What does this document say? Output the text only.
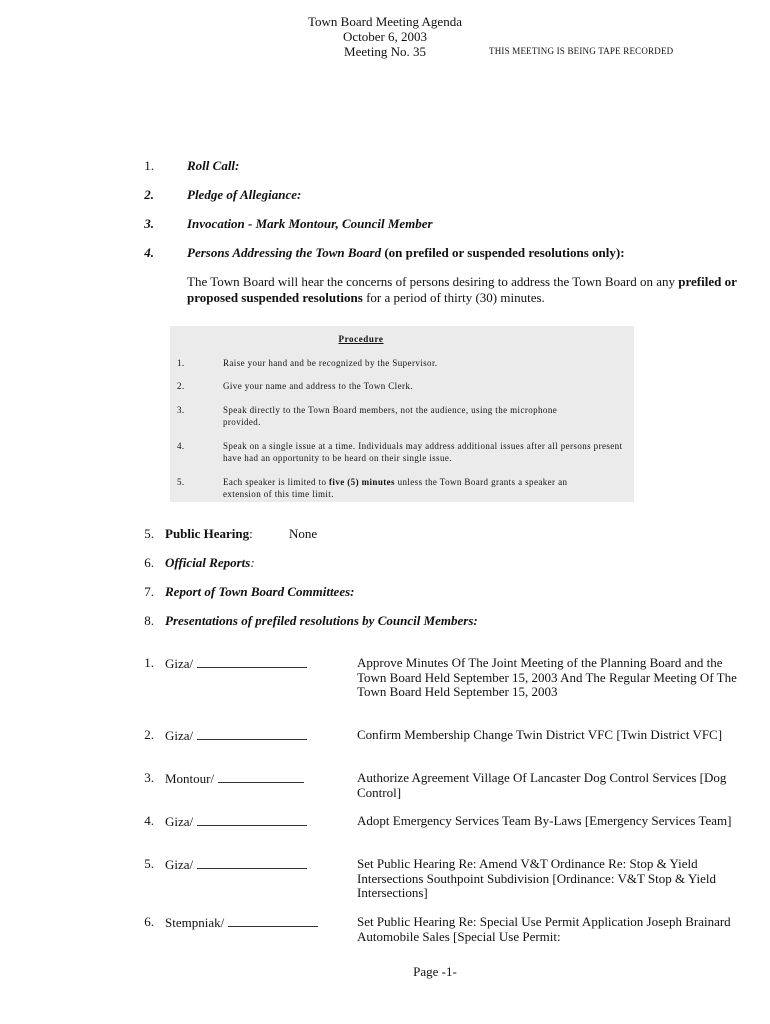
Town Board Meeting Agenda
October 6, 2003
Meeting No. 35	THIS MEETING IS BEING TAPE RECORDED
1.	Roll Call:
2.	Pledge of Allegiance:
3.	Invocation - Mark Montour, Council Member
4.	Persons Addressing the Town Board (on prefiled or suspended resolutions only):
The Town Board will hear the concerns of persons desiring to address the Town Board on any prefiled or proposed suspended resolutions for a period of thirty (30) minutes.
Procedure
1.	Raise your hand and be recognized by the Supervisor.
2.	Give your name and address to the Town Clerk.
3.	Speak directly to the Town Board members, not the audience, using the microphone provided.
4.	Speak on a single issue at a time. Individuals may address additional issues after all persons present have had an opportunity to be heard on their single issue.
5.	Each speaker is limited to five (5) minutes unless the Town Board grants a speaker an extension of this time limit.
5. Public Hearing:	None
6. Official Reports:
7. Report of Town Board Committees:
8. Presentations of prefiled resolutions by Council Members:
1. Giza/	Approve Minutes Of The Joint Meeting of the Planning Board and the Town Board Held September 15, 2003 And The Regular Meeting Of The Town Board Held September 15, 2003
2. Giza/	Confirm Membership Change Twin District VFC [Twin District VFC]
3. Montour/	Authorize Agreement Village Of Lancaster Dog Control Services [Dog Control]
4. Giza/	Adopt Emergency Services Team By-Laws [Emergency Services Team]
5. Giza/	Set Public Hearing Re: Amend V&T Ordinance Re: Stop & Yield Intersections Southpoint Subdivision [Ordinance: V&T Stop & Yield Intersections]
6. Stempniak/	Set Public Hearing Re: Special Use Permit Application Joseph Brainard Automobile Sales [Special Use Permit:
Page -1-
